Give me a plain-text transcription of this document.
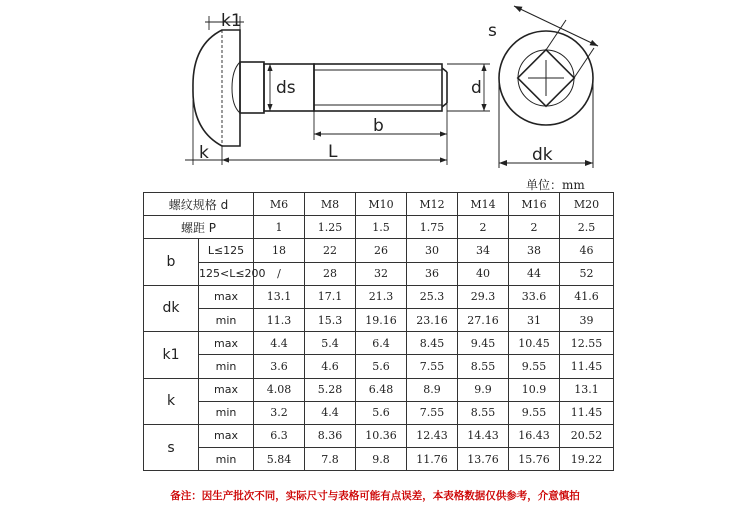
k1
ds	d
b
k	L
s
dk
单位：mm
螺纹规格 d		M6	M8	M10	M12	M14	M16	M20
螺距 P		1	1.25	1.5	1.75	2	2	2.5
b	L≤125	18	22	26	30	34	38	46
	125<L≤200	/	28	32	36	40	44	52
dk	max	13.1	17.1	21.3	25.3	29.3	33.6	41.6
	min	11.3	15.3	19.16	23.16	27.16	31	39
k1	max	4.4	5.4	6.4	8.45	9.45	10.45	12.55
	min	3.6	4.6	5.6	7.55	8.55	9.55	11.45
k	max	4.08	5.28	6.48	8.9	9.9	10.9	13.1
	min	3.2	4.4	5.6	7.55	8.55	9.55	11.45
s	max	6.3	8.36	10.36	12.43	14.43	16.43	20.52
	min	5.84	7.8	9.8	11.76	13.76	15.76	19.22
备注：因生产批次不同，实际尺寸与表格可能有点误差，本表格数据仅供参考，介意慎拍
